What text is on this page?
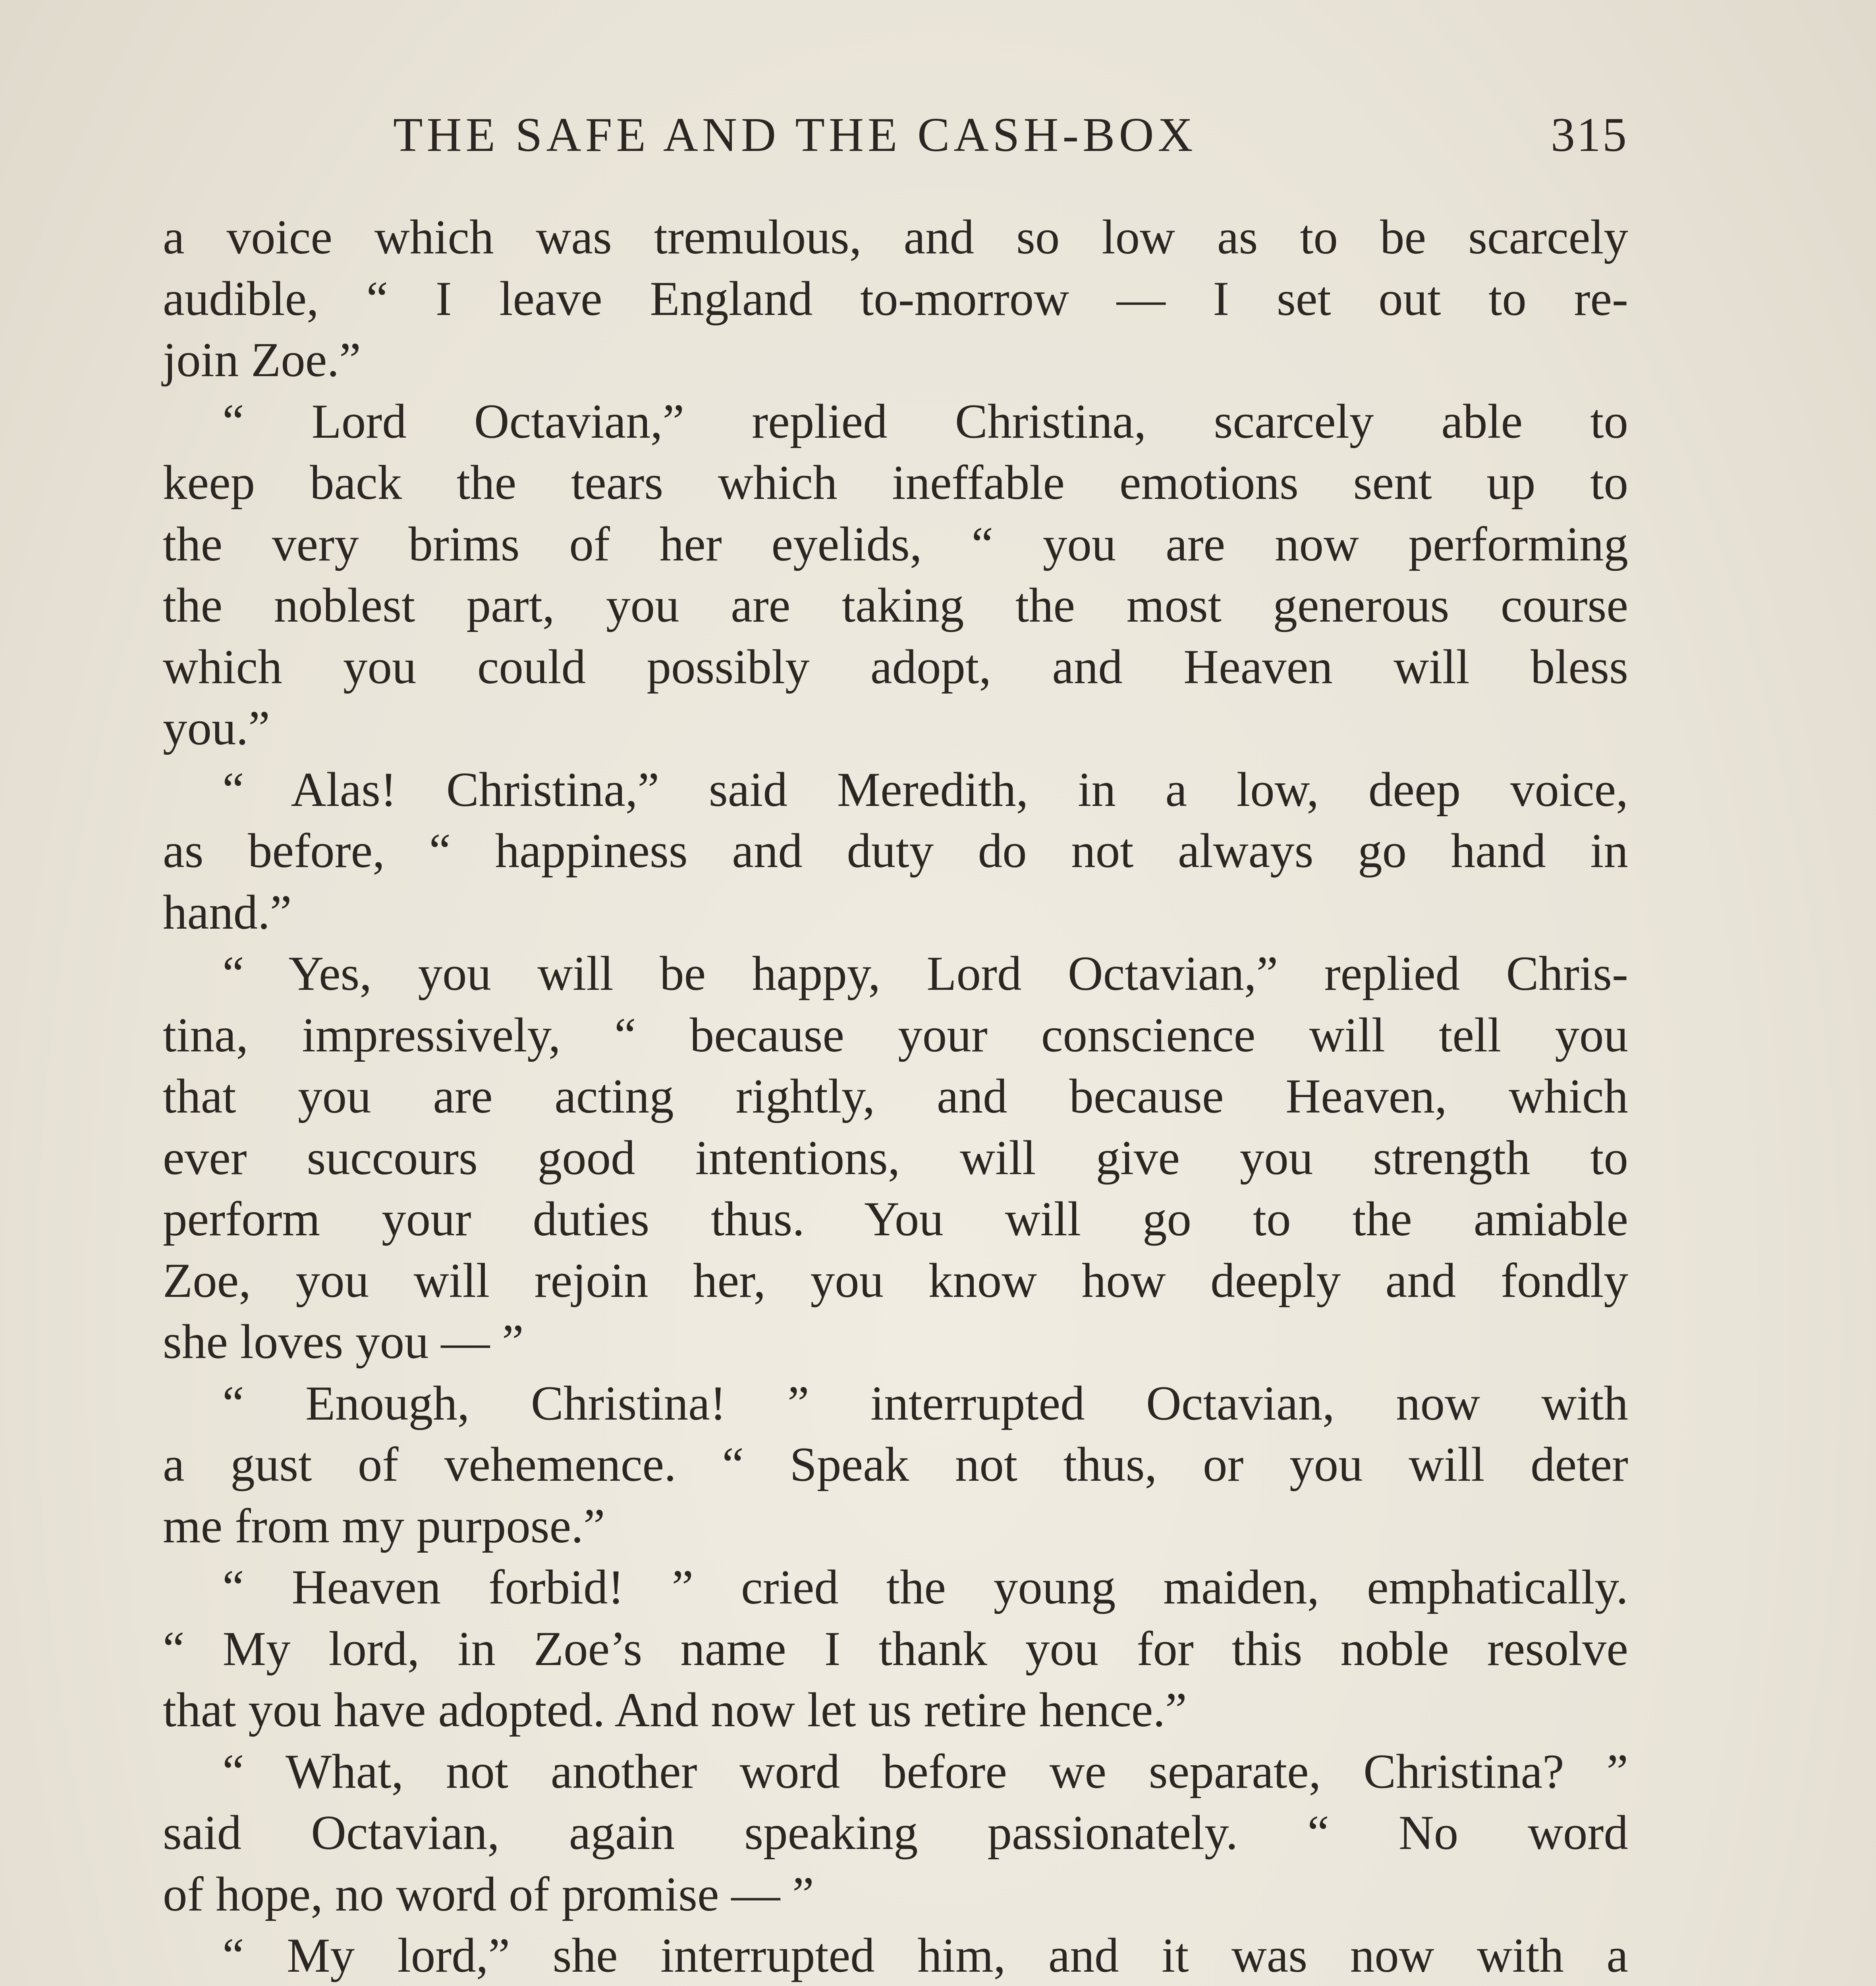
THE SAFE AND THE CASH-BOX	315
a voice which was tremulous, and so low as to be scarcely
audible, “ I leave England to-morrow — I set out to re-
join Zoe.”
“ Lord Octavian,” replied Christina, scarcely able to
keep back the tears which ineffable emotions sent up to
the very brims of her eyelids, “ you are now performing
the noblest part, you are taking the most generous course
which you could possibly adopt, and Heaven will bless
you.”
“ Alas! Christina,” said Meredith, in a low, deep voice,
as before, “ happiness and duty do not always go hand in
hand.”
“ Yes, you will be happy, Lord Octavian,” replied Chris-
tina, impressively, “ because your conscience will tell you
that you are acting rightly, and because Heaven, which
ever succours good intentions, will give you strength to
perform your duties thus. You will go to the amiable
Zoe, you will rejoin her, you know how deeply and fondly
she loves you — ”
“ Enough, Christina! ” interrupted Octavian, now with
a gust of vehemence. “ Speak not thus, or you will deter
me from my purpose.”
“ Heaven forbid! ” cried the young maiden, emphatically.
“ My lord, in Zoe’s name I thank you for this noble resolve
that you have adopted. And now let us retire hence.”
“ What, not another word before we separate, Christina? ”
said Octavian, again speaking passionately. “ No word
of hope, no word of promise — ”
“ My lord,” she interrupted him, and it was now with a
